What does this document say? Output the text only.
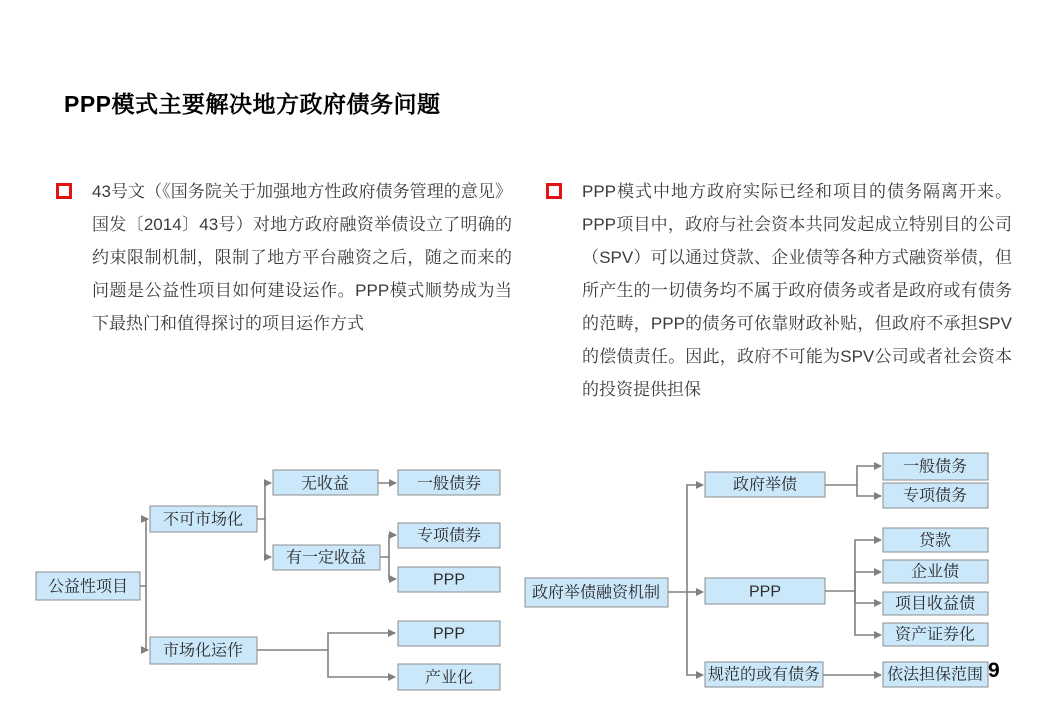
PPP模式主要解决地方政府债务问题

43号文（《国务院关于加强地方性政府债务管理的意见》国发〔2014〕43号）对地方政府融资举债设立了明确的约束限制机制，限制了地方平台融资之后，随之而来的问题是公益性项目如何建设运作。PPP模式顺势成为当下最热门和值得探讨的项目运作方式

PPP模式中地方政府实际已经和项目的债务隔离开来。PPP项目中，政府与社会资本共同发起成立特别目的公司（SPV）可以通过贷款、企业债等各种方式融资举债，但所产生的一切债务均不属于政府债务或者是政府或有债务的范畴，PPP的债务可依靠财政补贴，但政府不承担SPV的偿债责任。因此，政府不可能为SPV公司或者社会资本的投资提供担保

公益性项目
不可市场化
无收益	一般债券
有一定收益
专项债券
PPP
市场化运作
PPP
产业化
政府举债融资机制
政府举债
一般债务
专项债务
PPP
贷款
企业债
项目收益债
资产证券化
规范的或有债务	依法担保范围 9
